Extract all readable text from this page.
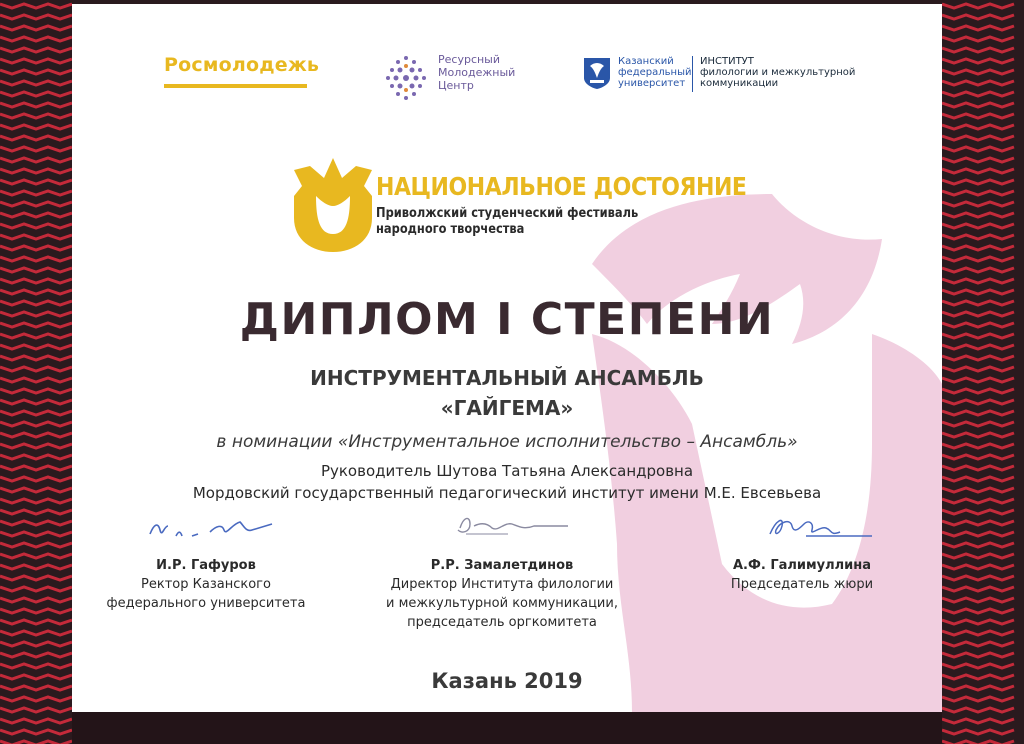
Росмолодежь	Ресурсный
Молодежный
Центр
Казанский
федеральный
университет
ИНСТИТУТ
филологии и межкультурной
коммуникации
НАЦИОНАЛЬНОЕ ДОСТОЯНИЕ
Приволжский студенческий фестиваль
народного творчества
ДИПЛОМ I СТЕПЕНИ
ИНСТРУМЕНТАЛЬНЫЙ АНСАМБЛЬ
«ГАЙГЕМА»
в номинации «Инструментальное исполнительство – Ансамбль»
Руководитель Шутова Татьяна Александровна
Мордовский государственный педагогический институт имени М.Е. Евсевьева
И.Р. Гафуров
Ректор Казанского
федерального университета
Р.Р. Замалетдинов
Директор Института филологии
и межкультурной коммуникации,
председатель оргкомитета
А.Ф. Галимуллина
Председатель жюри
Казань 2019
